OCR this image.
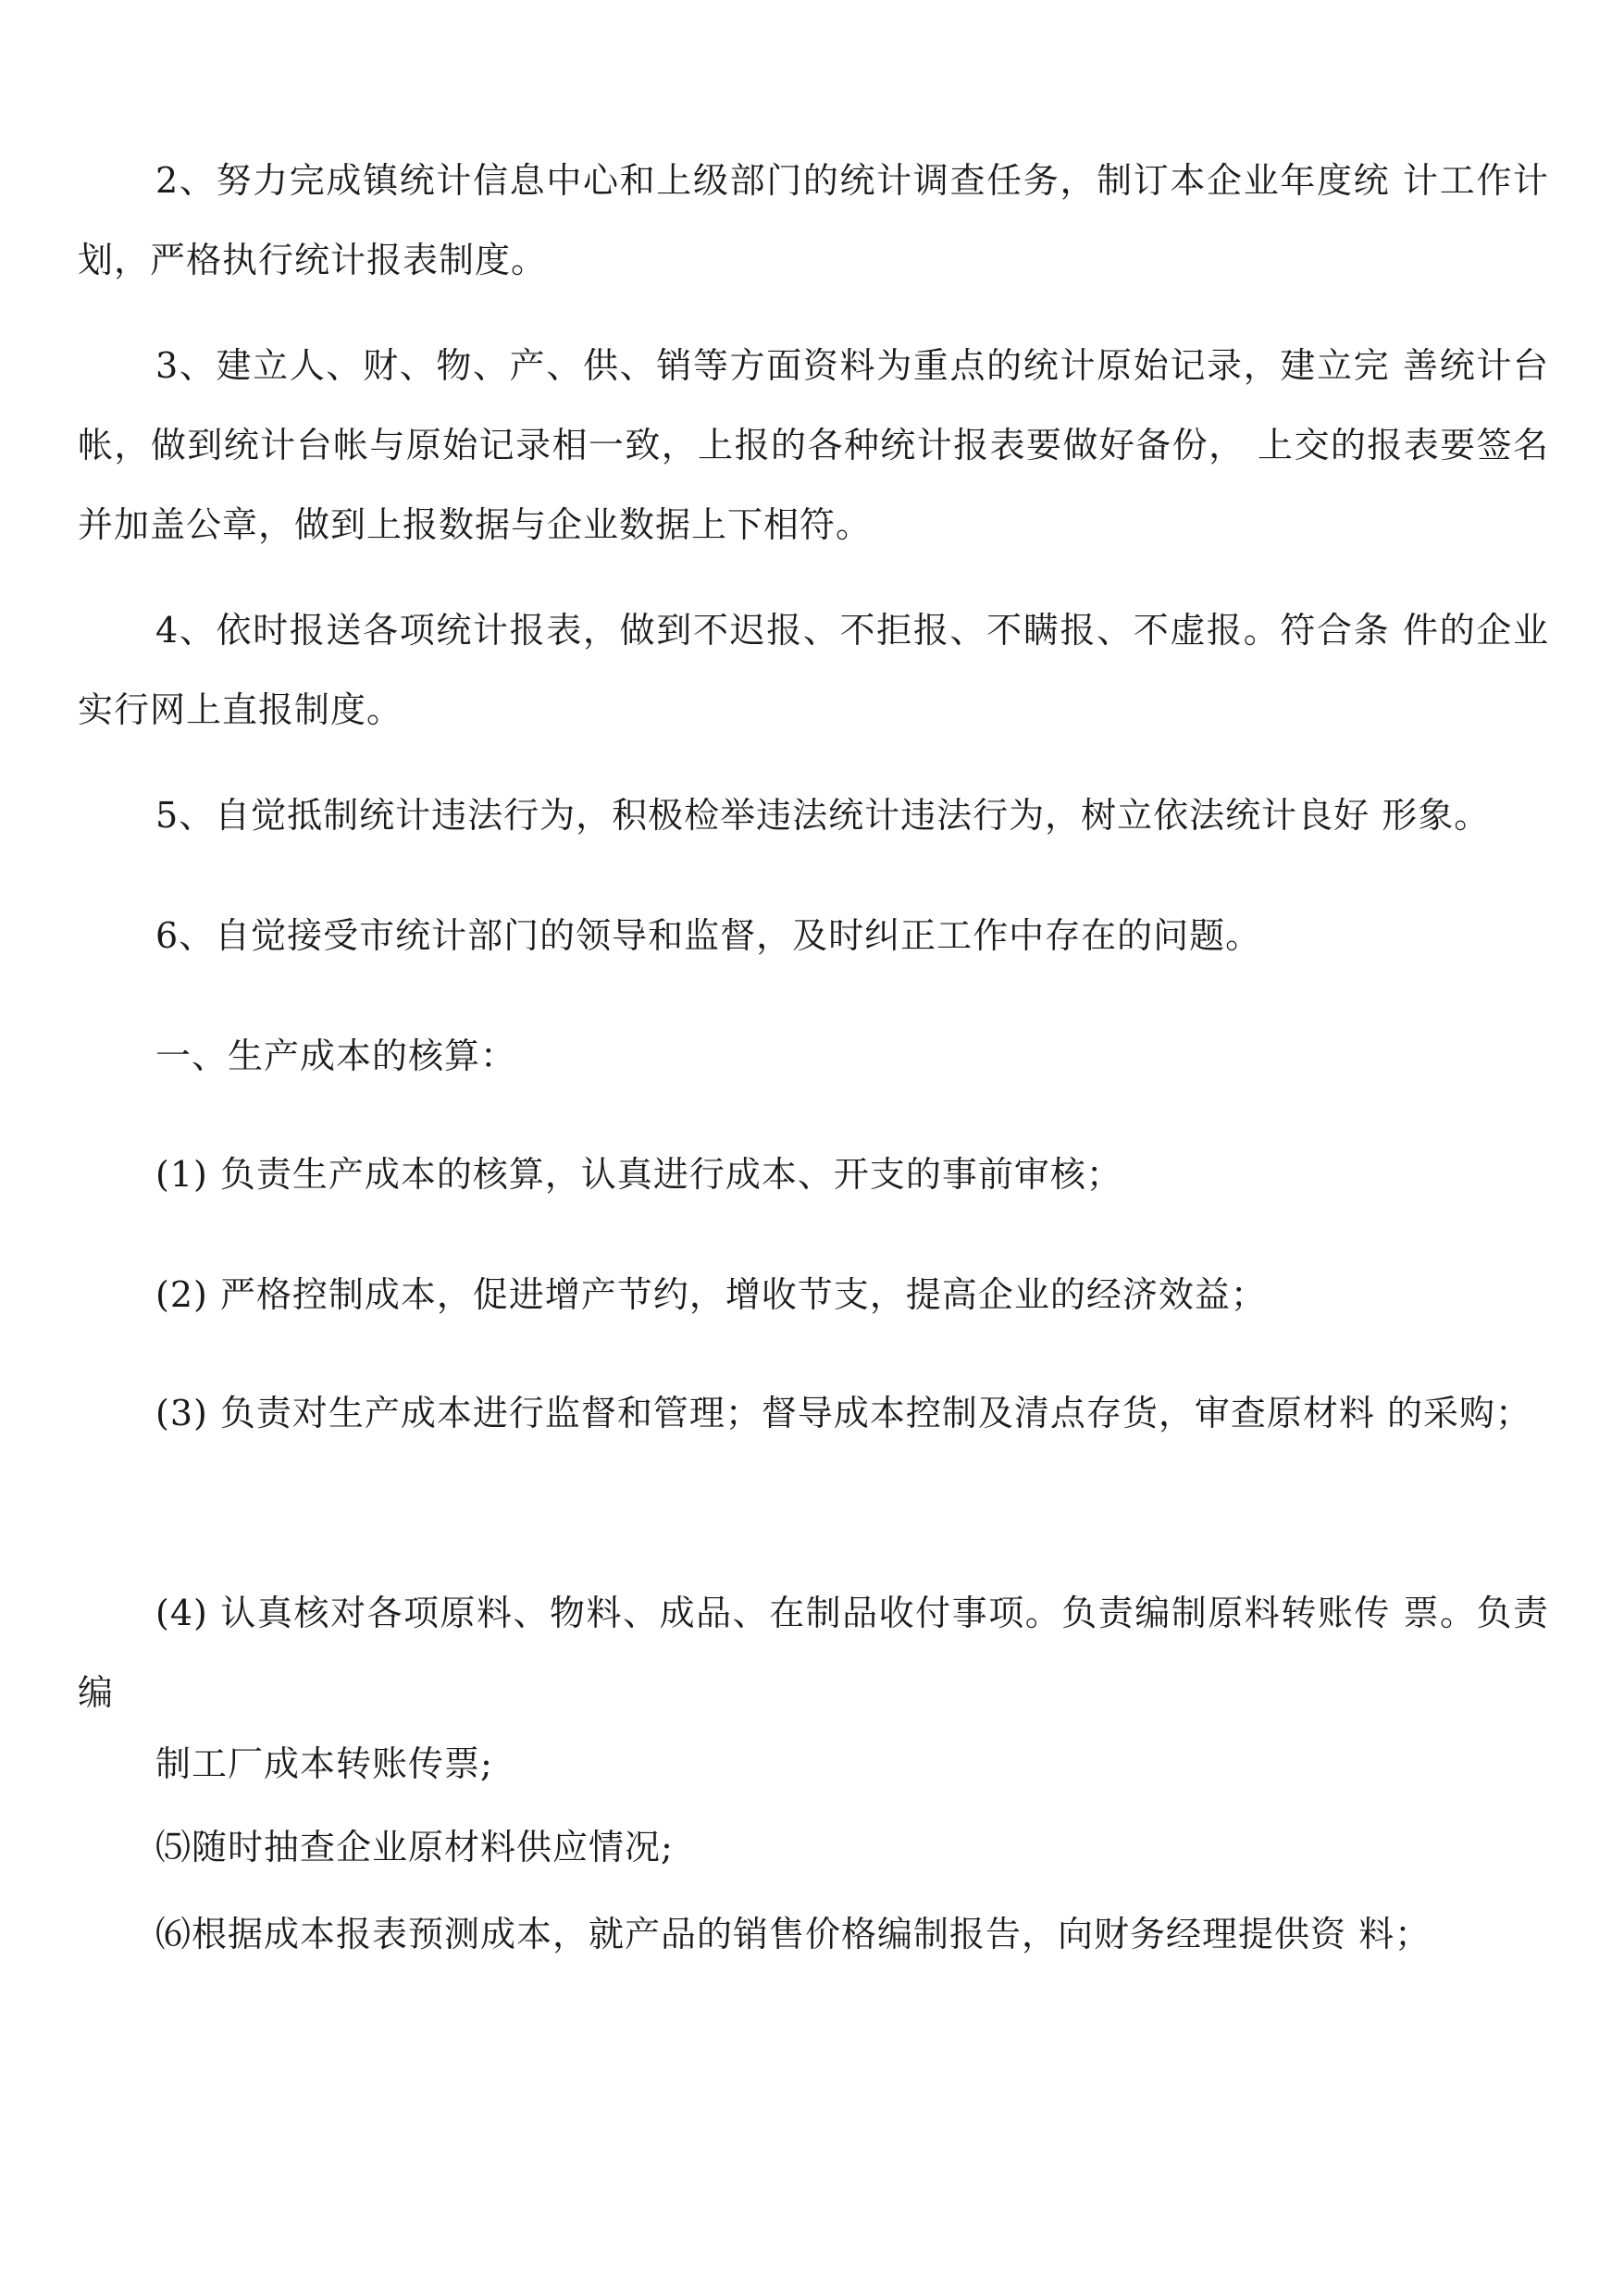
2、努力完成镇统计信息中心和上级部门的统计调查任务，制订本企业年度统 计工作计划，严格执行统计报表制度。

3、建立人、财、物、产、供、销等方面资料为重点的统计原始记录，建立完 善统计台帐，做到统计台帐与原始记录相一致，上报的各种统计报表要做好备份， 上交的报表要签名并加盖公章，做到上报数据与企业数据上下相符。

4、依时报送各项统计报表，做到不迟报、不拒报、不瞒报、不虚报。符合条 件的企业实行网上直报制度。

5、自觉抵制统计违法行为，积极检举违法统计违法行为，树立依法统计良好 形象。

6、自觉接受市统计部门的领导和监督，及时纠正工作中存在的问题。

一、生产成本的核算：

(1) 负责生产成本的核算，认真进行成本、开支的事前审核；

(2) 严格控制成本，促进增产节约，增收节支，提高企业的经济效益；

(3) 负责对生产成本进行监督和管理；督导成本控制及清点存货，审查原材料 的采购；

(4) 认真核对各项原料、物料、成品、在制品收付事项。负责编制原料转账传 票。负责编

制工厂成本转账传票;

⑸随时抽查企业原材料供应情况;

⑹根据成本报表预测成本，就产品的销售价格编制报告，向财务经理提供资 料；
